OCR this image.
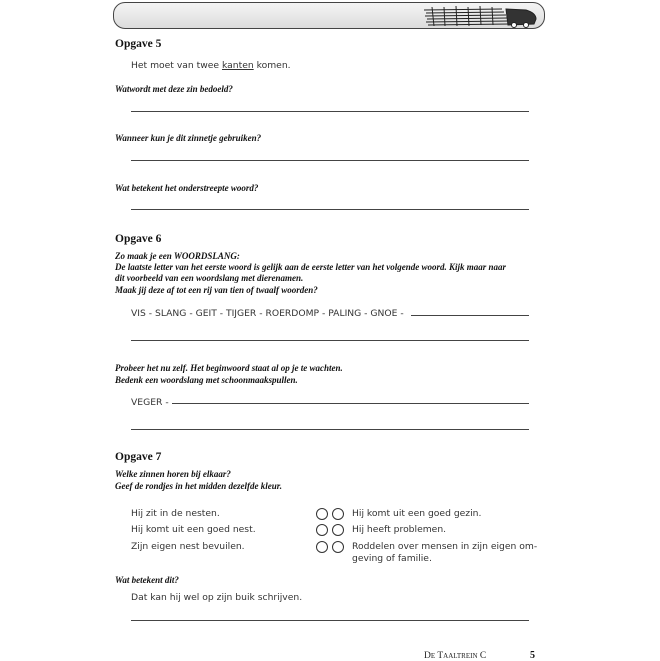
Opgave 5
Het moet van twee kanten komen.
Watwordt met deze zin bedoeld?
Wanneer kun je dit zinnetje gebruiken?
Wat betekent het onderstreepte woord?
Opgave 6
Zo maak je een WOORDSLANG:
De laatste letter van het eerste woord is gelijk aan de eerste letter van het volgende woord. Kijk maar naar
dit voorbeeld van een woordslang met dierenamen.
Maak jij deze af tot een rij van tien of twaalf woorden?
VIS - SLANG - GEIT - TIJGER - ROERDOMP - PALING - GNOE -
Probeer het nu zelf. Het beginwoord staat al op je te wachten.
Bedenk een woordslang met schoonmaakspullen.
VEGER -
Opgave 7
Welke zinnen horen bij elkaar?
Geef de rondjes in het midden dezelfde kleur.
Hij zit in de nesten.
Hij komt uit een goed nest.
Zijn eigen nest bevuilen.
Hij komt uit een goed gezin.
Hij heeft problemen.
Roddelen over mensen in zijn eigen om-
geving of familie.
Wat betekent dit?
Dat kan hij wel op zijn buik schrijven.
De Taaltrein C	5
